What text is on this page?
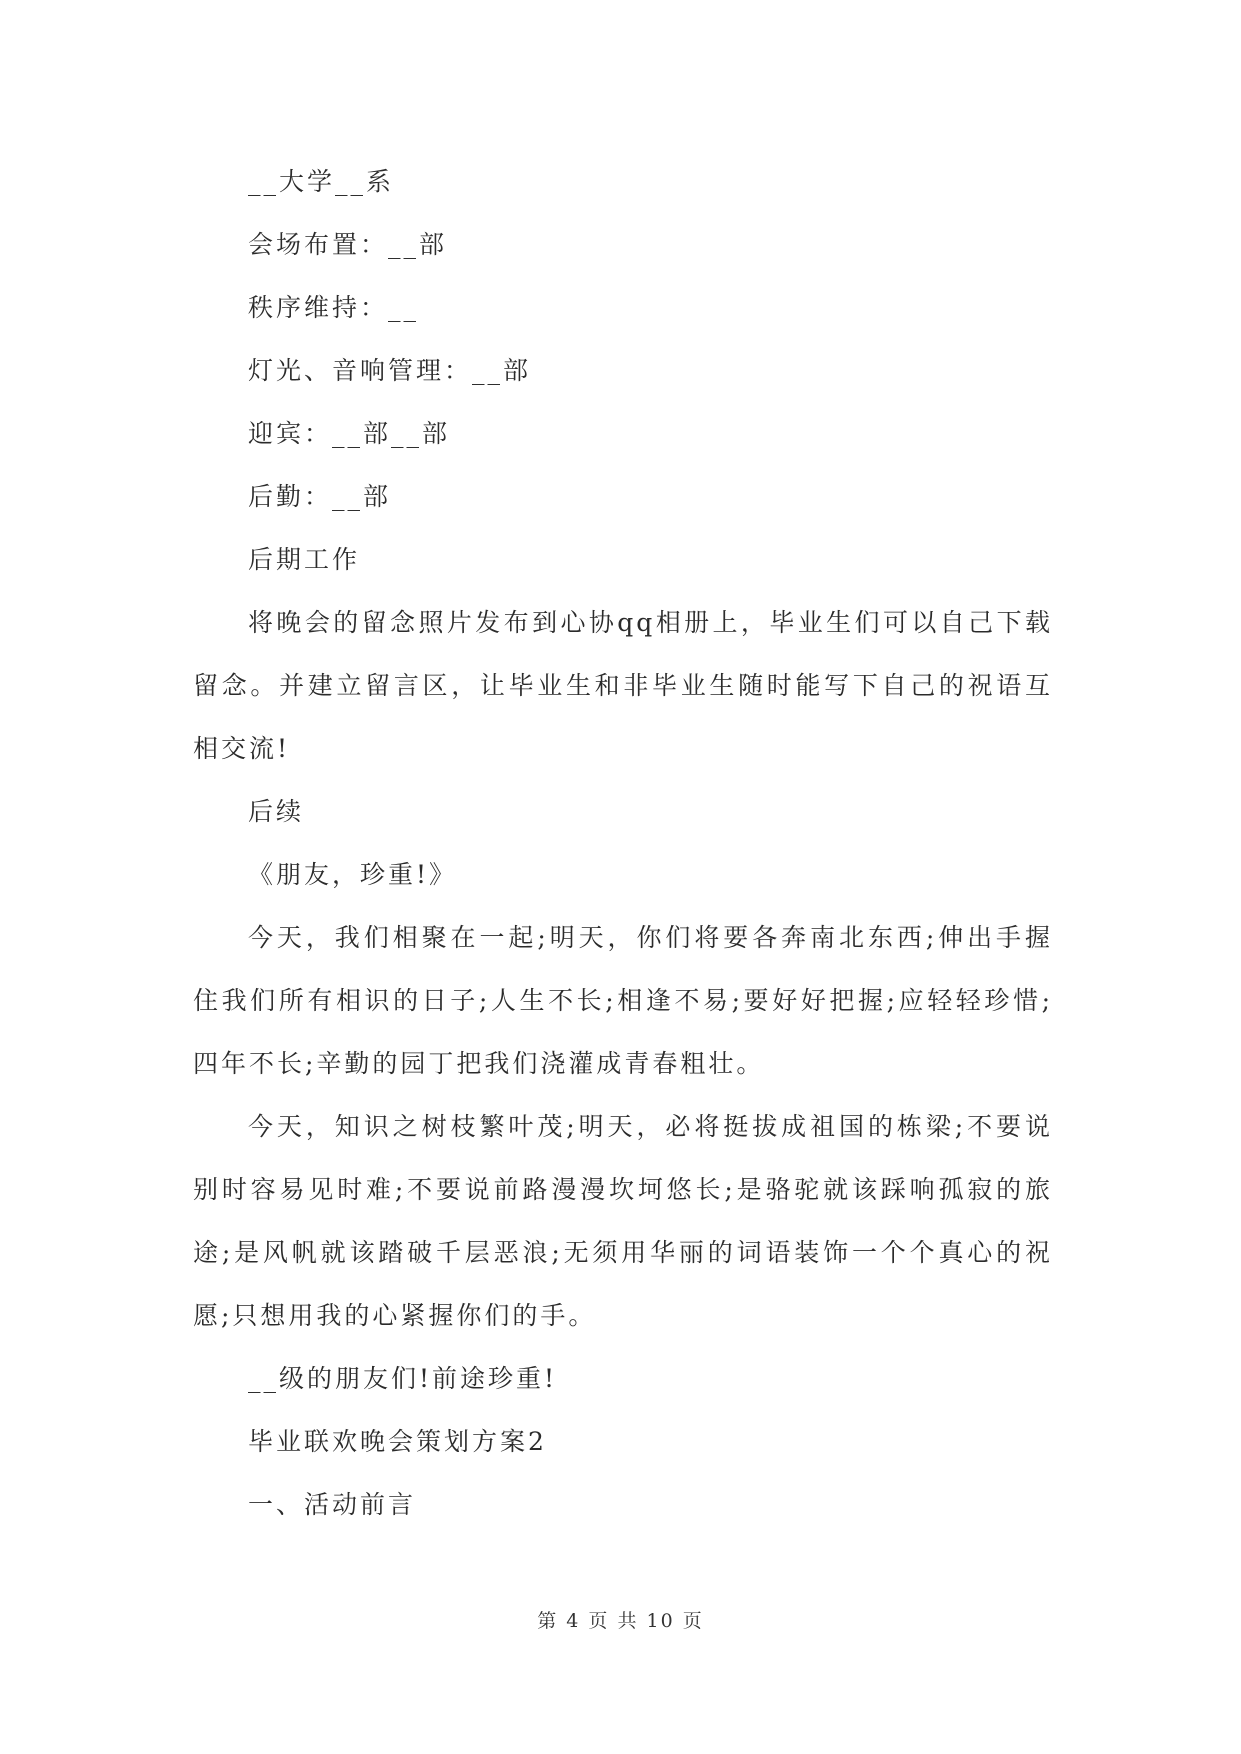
__大学__系

会场布置：__部

秩序维持：__

灯光、音响管理：__部

迎宾：__部__部

后勤：__部

后期工作

将晚会的留念照片发布到心协qq相册上，毕业生们可以自己下载留念。并建立留言区，让毕业生和非毕业生随时能写下自己的祝语互相交流!

后续

《朋友，珍重!》

今天，我们相聚在一起;明天，你们将要各奔南北东西;伸出手握住我们所有相识的日子;人生不长;相逢不易;要好好把握;应轻轻珍惜;四年不长;辛勤的园丁把我们浇灌成青春粗壮。

今天，知识之树枝繁叶茂;明天，必将挺拔成祖国的栋梁;不要说别时容易见时难;不要说前路漫漫坎坷悠长;是骆驼就该踩响孤寂的旅途;是风帆就该踏破千层恶浪;无须用华丽的词语装饰一个个真心的祝愿;只想用我的心紧握你们的手。

__级的朋友们!前途珍重!

毕业联欢晚会策划方案2

一、活动前言

第 4 页 共 10 页
